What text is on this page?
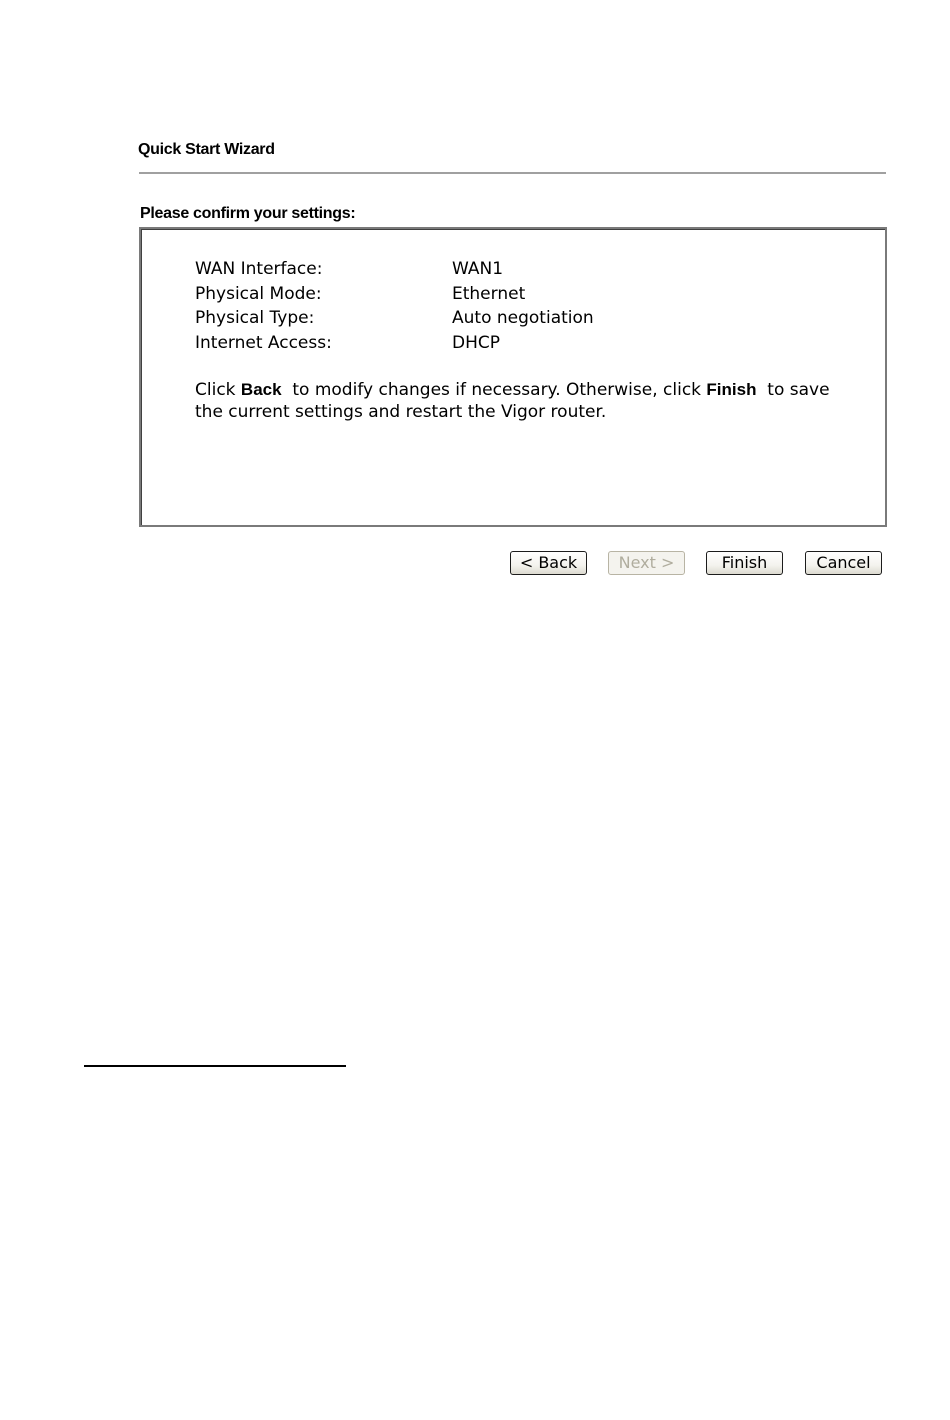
Quick Start Wizard
Please confirm your settings:
WAN Interface:	WAN1
Physical Mode:	Ethernet
Physical Type:	Auto negotiation
Internet Access:	DHCP
Click Back  to modify changes if necessary. Otherwise, click Finish  to save the current settings and restart the Vigor router.
< Back	Next >	Finish	Cancel
